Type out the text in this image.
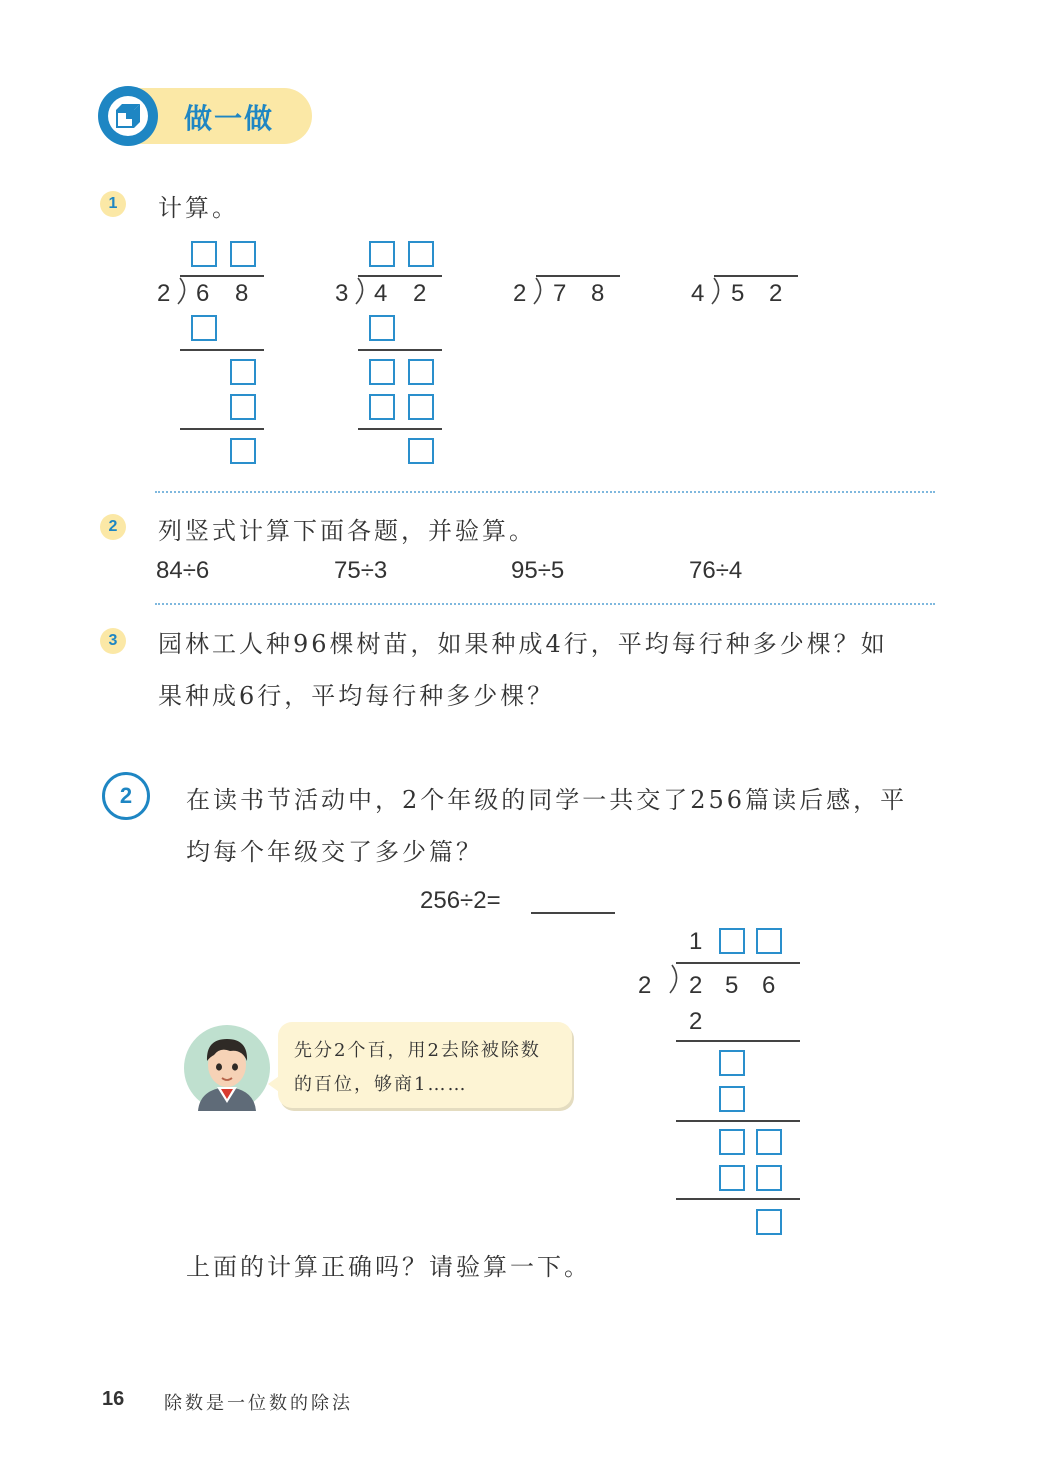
做一做
1	计算。
2 6 8	3 4 2	2 7 8	4 5 2
2	列竖式计算下面各题，并验算。
84÷6	75÷3	95÷5	76÷4
3	园林工人种96棵树苗，如果种成4行，平均每行种多少棵？如
果种成6行，平均每行种多少棵？
2	在读书节活动中，2个年级的同学一共交了256篇读后感，平
均每个年级交了多少篇？
256÷2=
1
2 2 5 6
2
先分2个百，用2去除被除数
的百位，够商1……
上面的计算正确吗？请验算一下。
16 除数是一位数的除法
